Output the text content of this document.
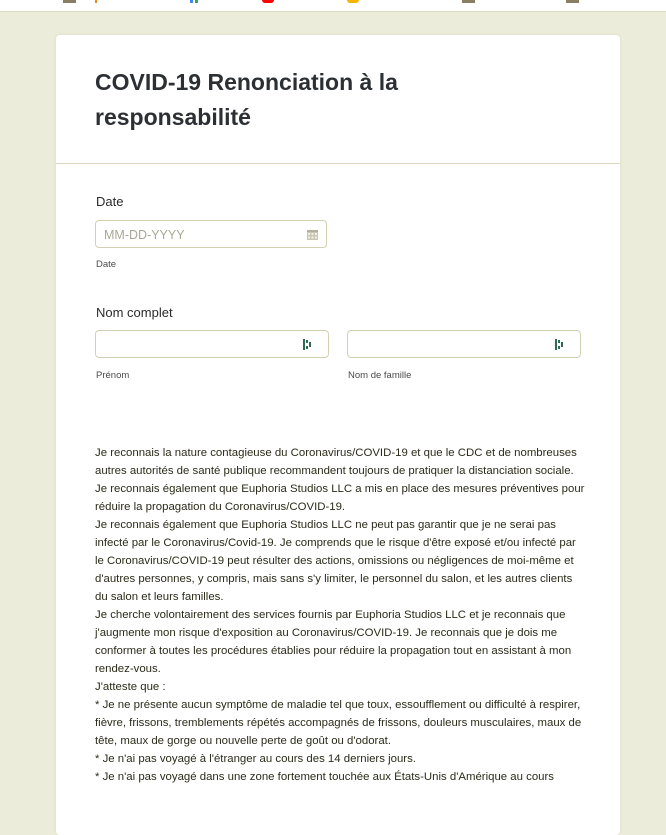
COVID-19 Renonciation à la responsabilité
Date
MM-DD-YYYY
Date
Nom complet
Prénom	Nom de famille

Je reconnais la nature contagieuse du Coronavirus/COVID-19 et que le CDC et de nombreuses autres autorités de santé publique recommandent toujours de pratiquer la distanciation sociale.

Je reconnais également que Euphoria Studios LLC a mis en place des mesures préventives pour réduire la propagation du Coronavirus/COVID-19.

Je reconnais également que Euphoria Studios LLC ne peut pas garantir que je ne serai pas infecté par le Coronavirus/Covid-19. Je comprends que le risque d'être exposé et/ou infecté par le Coronavirus/COVID-19 peut résulter des actions, omissions ou négligences de moi-même et d'autres personnes, y compris, mais sans s'y limiter, le personnel du salon, et les autres clients du salon et leurs familles.

Je cherche volontairement des services fournis par Euphoria Studios LLC et je reconnais que j'augmente mon risque d'exposition au Coronavirus/COVID-19. Je reconnais que je dois me conformer à toutes les procédures établies pour réduire la propagation tout en assistant à mon rendez-vous.

J'atteste que :

* Je ne présente aucun symptôme de maladie tel que toux, essoufflement ou difficulté à respirer, fièvre, frissons, tremblements répétés accompagnés de frissons, douleurs musculaires, maux de tête, maux de gorge ou nouvelle perte de goût ou d'odorat.

* Je n'ai pas voyagé à l'étranger au cours des 14 derniers jours.

* Je n'ai pas voyagé dans une zone fortement touchée aux États-Unis d'Amérique au cours
